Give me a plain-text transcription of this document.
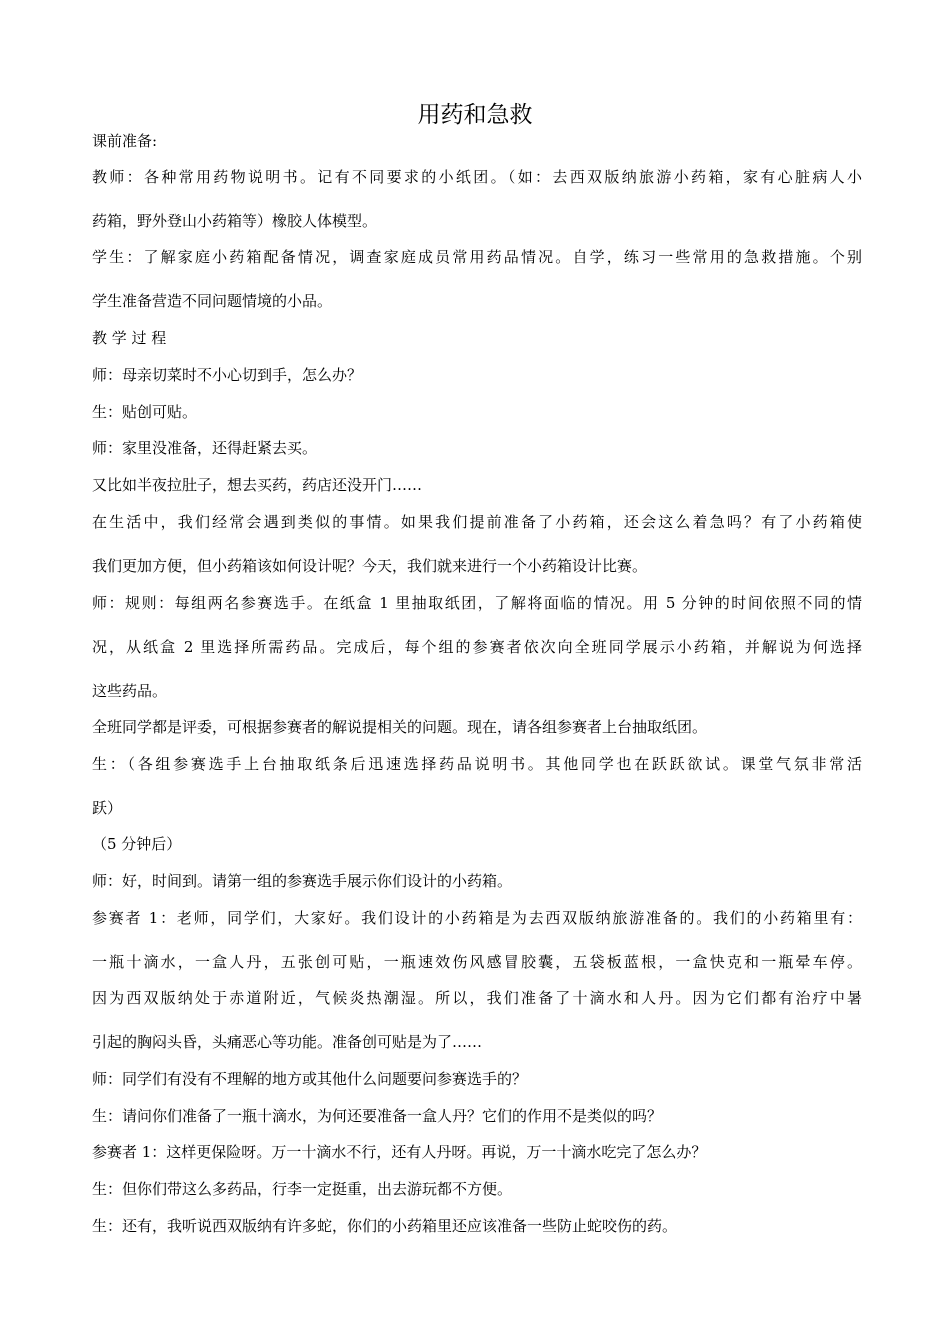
用药和急救
课前准备:
教师：各种常用药物说明书。记有不同要求的小纸团。（如：去西双版纳旅游小药箱，家有心脏病人小
药箱，野外登山小药箱等）橡胶人体模型。
学生：了解家庭小药箱配备情况，调查家庭成员常用药品情况。自学，练习一些常用的急救措施。个别
学生准备营造不同问题情境的小品。
教 学 过 程
师：母亲切菜时不小心切到手，怎么办？
生：贴创可贴。
师：家里没准备，还得赶紧去买。
又比如半夜拉肚子，想去买药，药店还没开门……
在生活中，我们经常会遇到类似的事情。如果我们提前准备了小药箱，还会这么着急吗？有了小药箱使
我们更加方便，但小药箱该如何设计呢？今天，我们就来进行一个小药箱设计比赛。
师：规则：每组两名参赛选手。在纸盒 1 里抽取纸团，了解将面临的情况。用 5 分钟的时间依照不同的情
况，从纸盒 2 里选择所需药品。完成后，每个组的参赛者依次向全班同学展示小药箱，并解说为何选择
这些药品。
全班同学都是评委，可根据参赛者的解说提相关的问题。现在，请各组参赛者上台抽取纸团。
生：（各组参赛选手上台抽取纸条后迅速选择药品说明书。其他同学也在跃跃欲试。课堂气氛非常活
跃）
（5 分钟后）
师：好，时间到。请第一组的参赛选手展示你们设计的小药箱。
参赛者 1：老师，同学们，大家好。我们设计的小药箱是为去西双版纳旅游准备的。我们的小药箱里有：
一瓶十滴水，一盒人丹，五张创可贴，一瓶速效伤风感冒胶囊，五袋板蓝根，一盒快克和一瓶晕车停。
因为西双版纳处于赤道附近，气候炎热潮湿。所以，我们准备了十滴水和人丹。因为它们都有治疗中暑
引起的胸闷头昏，头痛恶心等功能。准备创可贴是为了……
师：同学们有没有不理解的地方或其他什么问题要问参赛选手的？
生：请问你们准备了一瓶十滴水，为何还要准备一盒人丹？它们的作用不是类似的吗？
参赛者 1：这样更保险呀。万一十滴水不行，还有人丹呀。再说，万一十滴水吃完了怎么办？
生：但你们带这么多药品，行李一定挺重，出去游玩都不方便。
生：还有，我听说西双版纳有许多蛇，你们的小药箱里还应该准备一些防止蛇咬伤的药。
